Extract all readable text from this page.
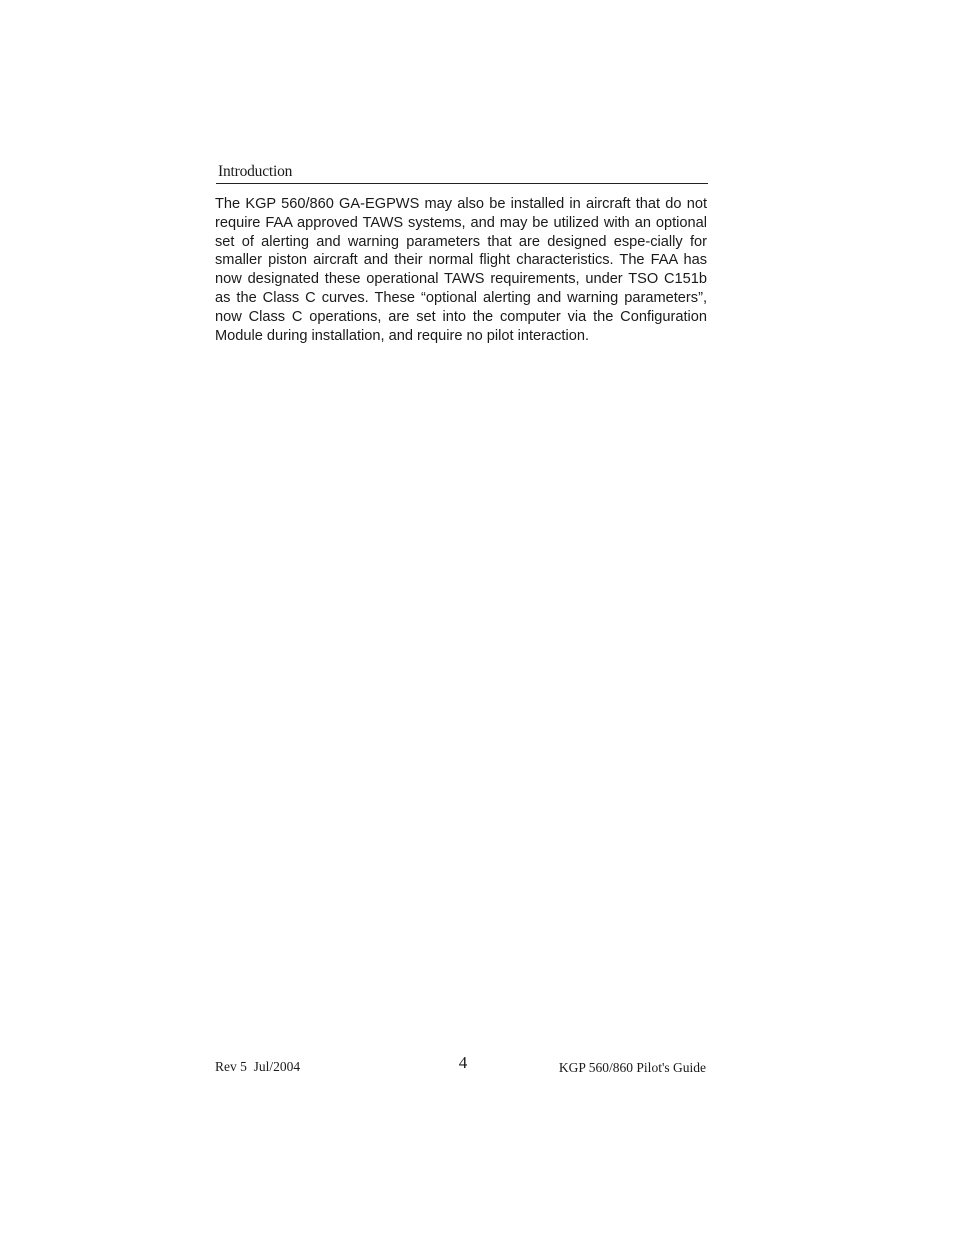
Introduction

The KGP 560/860 GA-EGPWS may also be installed in aircraft that do not require FAA approved TAWS systems, and may be utilized with an optional set of alerting and warning parameters that are designed espe-cially for smaller piston aircraft and their normal flight characteristics. The FAA has now designated these operational TAWS requirements, under TSO C151b as the Class C curves. These “optional alerting and warning parameters”, now Class C operations, are set into the computer via the Configuration Module during installation, and require no pilot interaction.

Rev 5  Jul/2004	4	KGP 560/860 Pilot's Guide
